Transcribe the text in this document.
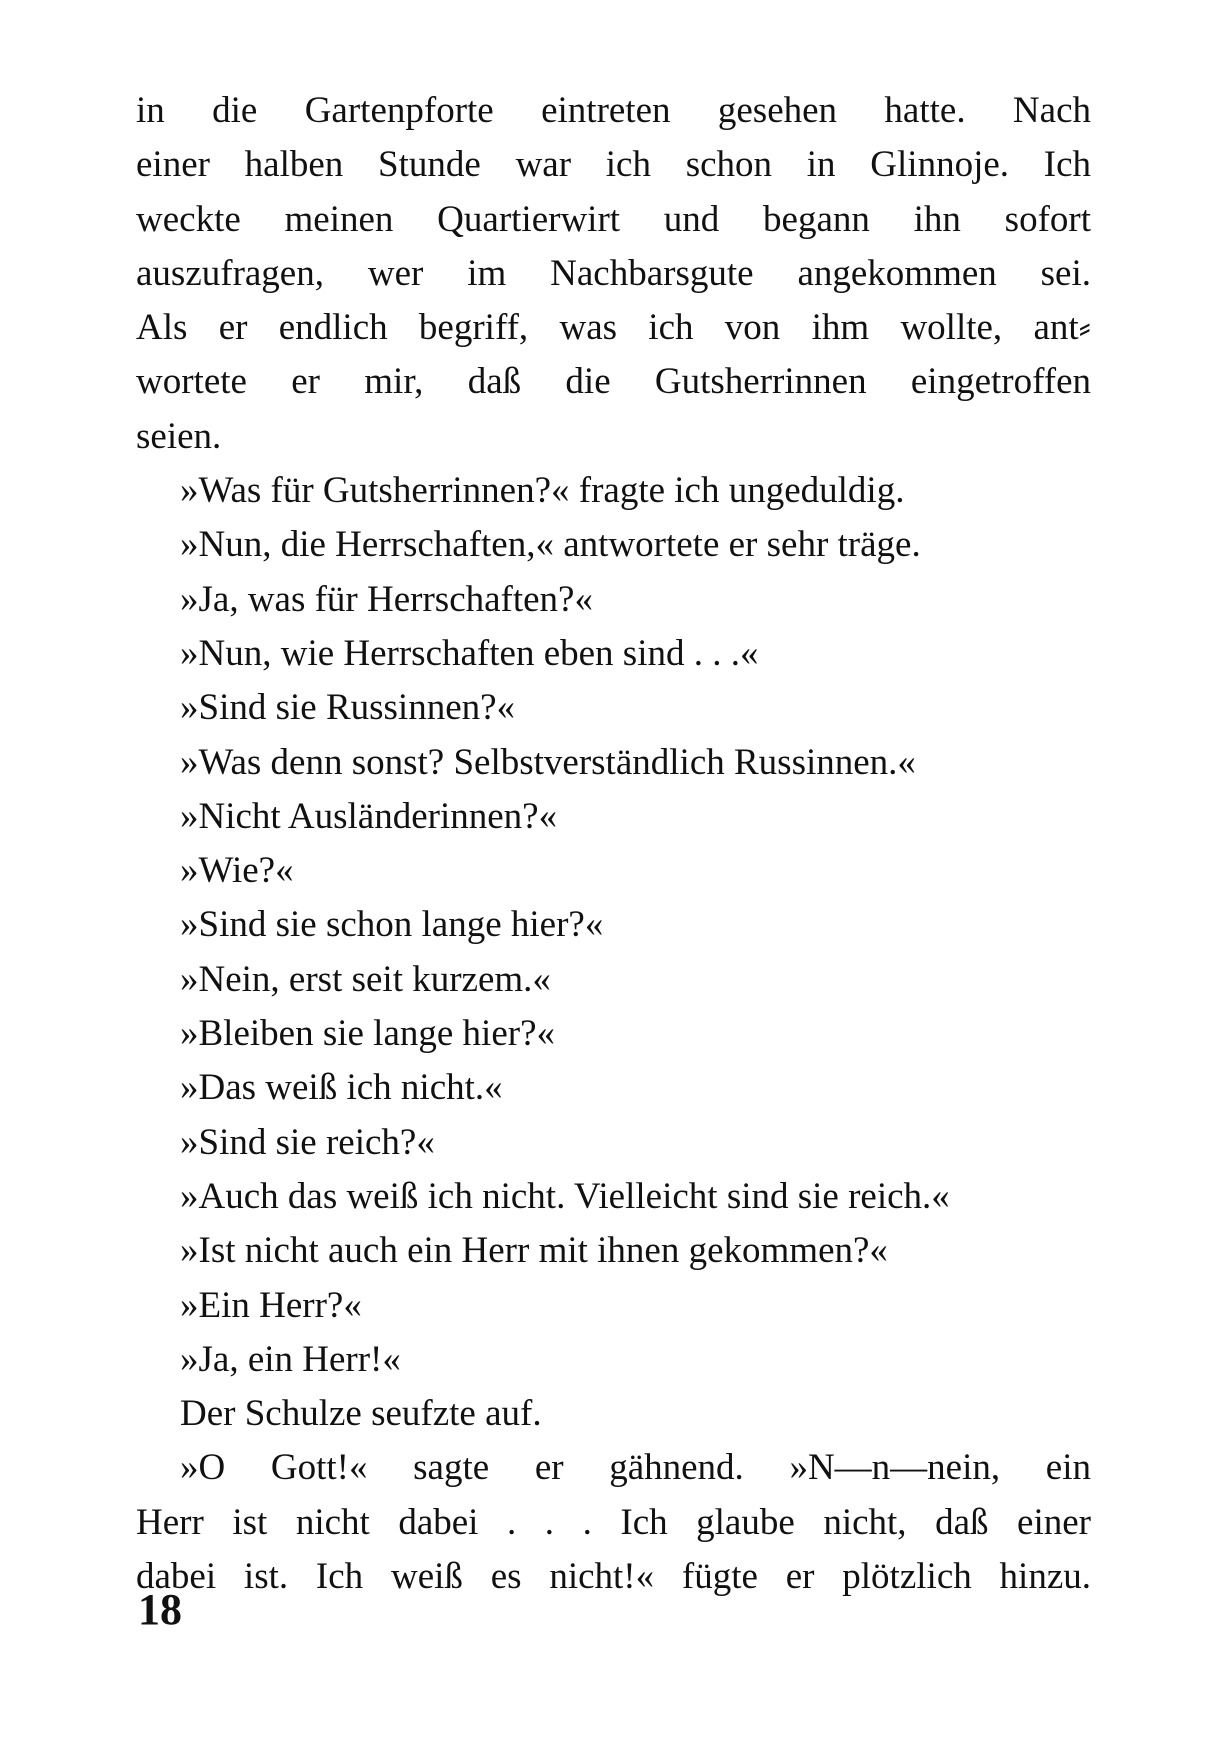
in die Gartenpforte eintreten gesehen hatte. Nach
einer halben Stunde war ich schon in Glinnoje. Ich
weckte meinen Quartierwirt und begann ihn sofort
auszufragen, wer im Nachbarsgute angekommen sei.
Als er endlich begriff, was ich von ihm wollte, ant⸗
wortete er mir, daß die Gutsherrinnen eingetroffen
seien.
»Was für Gutsherrinnen?« fragte ich ungeduldig.
»Nun, die Herrschaften,« antwortete er sehr träge.
»Ja, was für Herrschaften?«
»Nun, wie Herrschaften eben sind . . .«
»Sind sie Russinnen?«
»Was denn sonst? Selbstverständlich Russinnen.«
»Nicht Ausländerinnen?«
»Wie?«
»Sind sie schon lange hier?«
»Nein, erst seit kurzem.«
»Bleiben sie lange hier?«
»Das weiß ich nicht.«
»Sind sie reich?«
»Auch das weiß ich nicht. Vielleicht sind sie reich.«
»Ist nicht auch ein Herr mit ihnen gekommen?«
»Ein Herr?«
»Ja, ein Herr!«
Der Schulze seufzte auf.
»O Gott!« sagte er gähnend. »N—n—nein, ein
Herr ist nicht dabei . . . Ich glaube nicht, daß einer
dabei ist. Ich weiß es nicht!« fügte er plötzlich hinzu.
18
